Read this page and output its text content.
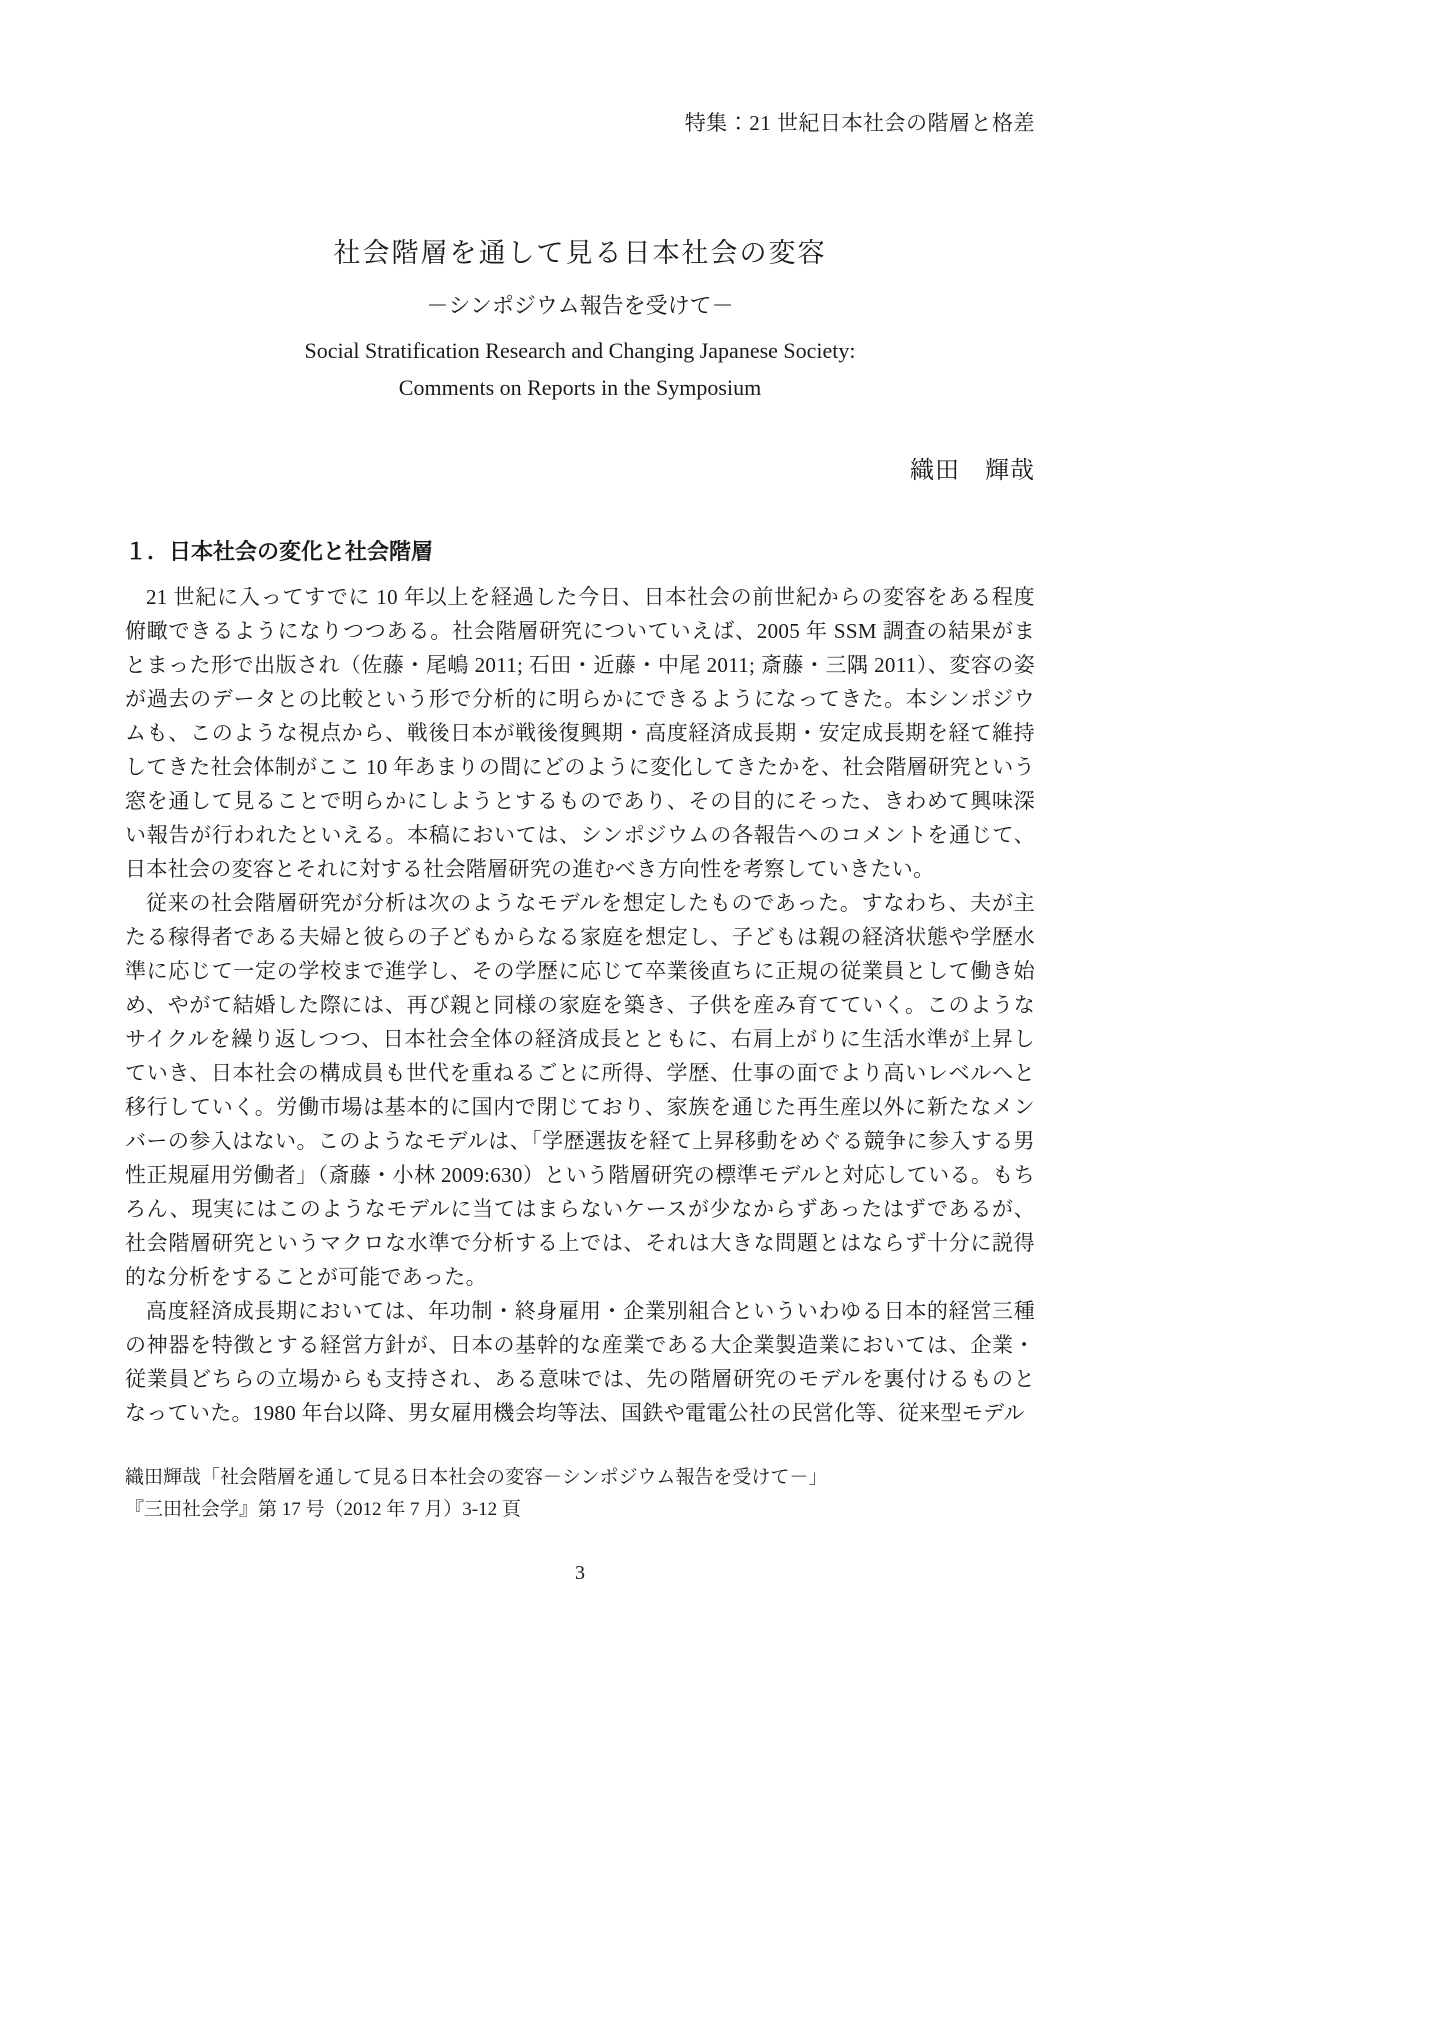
特集：21 世紀日本社会の階層と格差
社会階層を通して見る日本社会の変容
－シンポジウム報告を受けて－
Social Stratification Research and Changing Japanese Society:
Comments on Reports in the Symposium
織田　輝哉
１．日本社会の変化と社会階層

21 世紀に入ってすでに 10 年以上を経過した今日、日本社会の前世紀からの変容をある程度俯瞰できるようになりつつある。社会階層研究についていえば、2005 年 SSM 調査の結果がまとまった形で出版され（佐藤・尾嶋 2011; 石田・近藤・中尾 2011; 斎藤・三隅 2011）、変容の姿が過去のデータとの比較という形で分析的に明らかにできるようになってきた。本シンポジウムも、このような視点から、戦後日本が戦後復興期・高度経済成長期・安定成長期を経て維持してきた社会体制がここ 10 年あまりの間にどのように変化してきたかを、社会階層研究という窓を通して見ることで明らかにしようとするものであり、その目的にそった、きわめて興味深い報告が行われたといえる。本稿においては、シンポジウムの各報告へのコメントを通じて、日本社会の変容とそれに対する社会階層研究の進むべき方向性を考察していきたい。

従来の社会階層研究が分析は次のようなモデルを想定したものであった。すなわち、夫が主たる稼得者である夫婦と彼らの子どもからなる家庭を想定し、子どもは親の経済状態や学歴水準に応じて一定の学校まで進学し、その学歴に応じて卒業後直ちに正規の従業員として働き始め、やがて結婚した際には、再び親と同様の家庭を築き、子供を産み育てていく。このようなサイクルを繰り返しつつ、日本社会全体の経済成長とともに、右肩上がりに生活水準が上昇していき、日本社会の構成員も世代を重ねるごとに所得、学歴、仕事の面でより高いレベルへと移行していく。労働市場は基本的に国内で閉じており、家族を通じた再生産以外に新たなメンバーの参入はない。このようなモデルは、「学歴選抜を経て上昇移動をめぐる競争に参入する男性正規雇用労働者」（斎藤・小林 2009:630）という階層研究の標準モデルと対応している。もちろん、現実にはこのようなモデルに当てはまらないケースが少なからずあったはずであるが、社会階層研究というマクロな水準で分析する上では、それは大きな問題とはならず十分に説得的な分析をすることが可能であった。

高度経済成長期においては、年功制・終身雇用・企業別組合といういわゆる日本的経営三種の神器を特徴とする経営方針が、日本の基幹的な産業である大企業製造業においては、企業・従業員どちらの立場からも支持され、ある意味では、先の階層研究のモデルを裏付けるものとなっていた。1980 年台以降、男女雇用機会均等法、国鉄や電電公社の民営化等、従来型モデル

織田輝哉「社会階層を通して見る日本社会の変容－シンポジウム報告を受けて－」
『三田社会学』第 17 号（2012 年 7 月）3-12 頁
3
